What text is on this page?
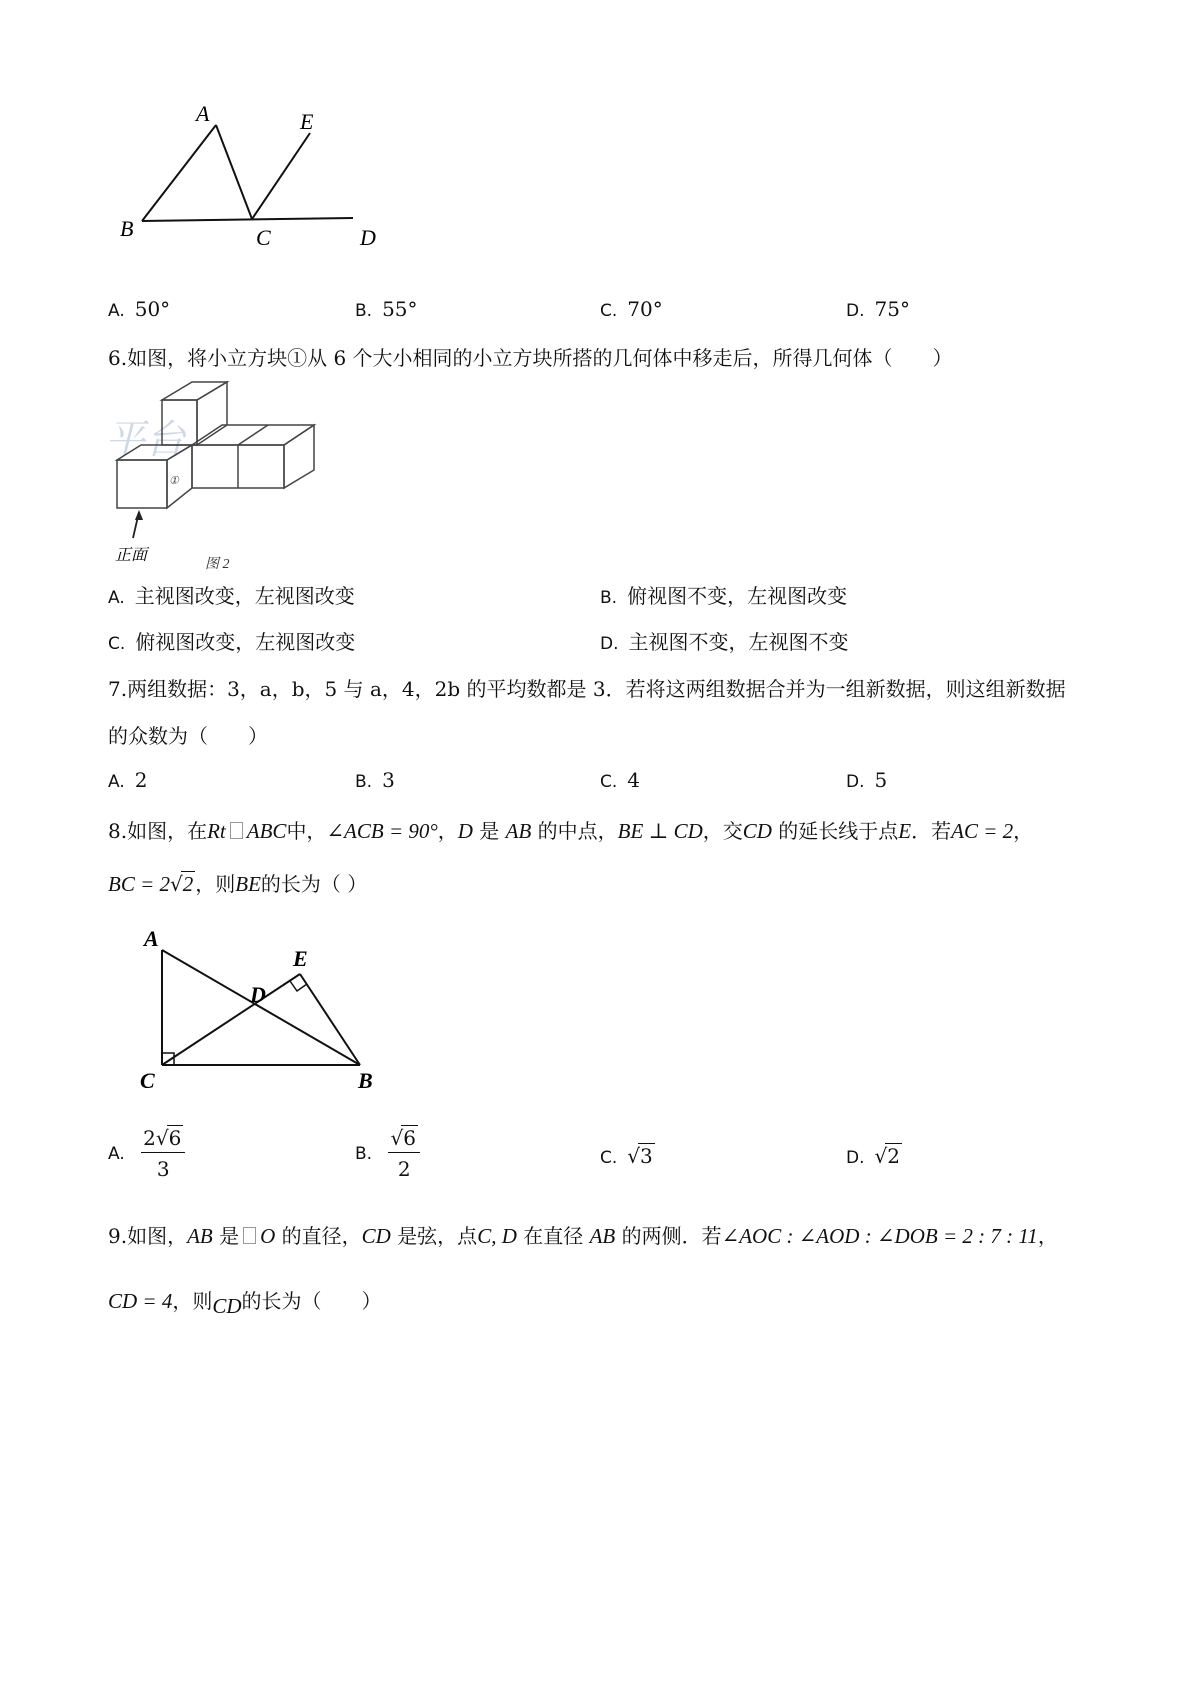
A	E
B	C	D
A. 50°	B. 55°	C. 70°	D. 75°
6.如图，将小立方块①从 6 个大小相同的小立方块所搭的几何体中移走后，所得几何体（　　）
平台
①
正面
图 2
A. 主视图改变，左视图改变	B. 俯视图不变，左视图改变
C. 俯视图改变，左视图改变	D. 主视图不变，左视图不变
7.两组数据：3，a，b，5 与 a，4，2b 的平均数都是 3．若将这两组数据合并为一组新数据，则这组新数据
的众数为（　　）
A. 2	B. 3	C. 4	D. 5
8.如图，在Rt ABC中，∠ACB = 90°，D 是 AB 的中点，BE ⊥ CD，交CD 的延长线于点E．若AC = 2，
BC = 2√2 ，则BE的长为（ ）
A
E
D
C	B
A. $\frac{2√6}{3}$	B. $\frac{√6}{2}$	C. √3	D. √2
9.如图，AB 是 O 的直径，CD 是弦，点C, D 在直径 AB 的两侧．若∠AOC : ∠AOD : ∠DOB = 2 : 7 : 11，
CD = 4，则CD的长为（　　）
